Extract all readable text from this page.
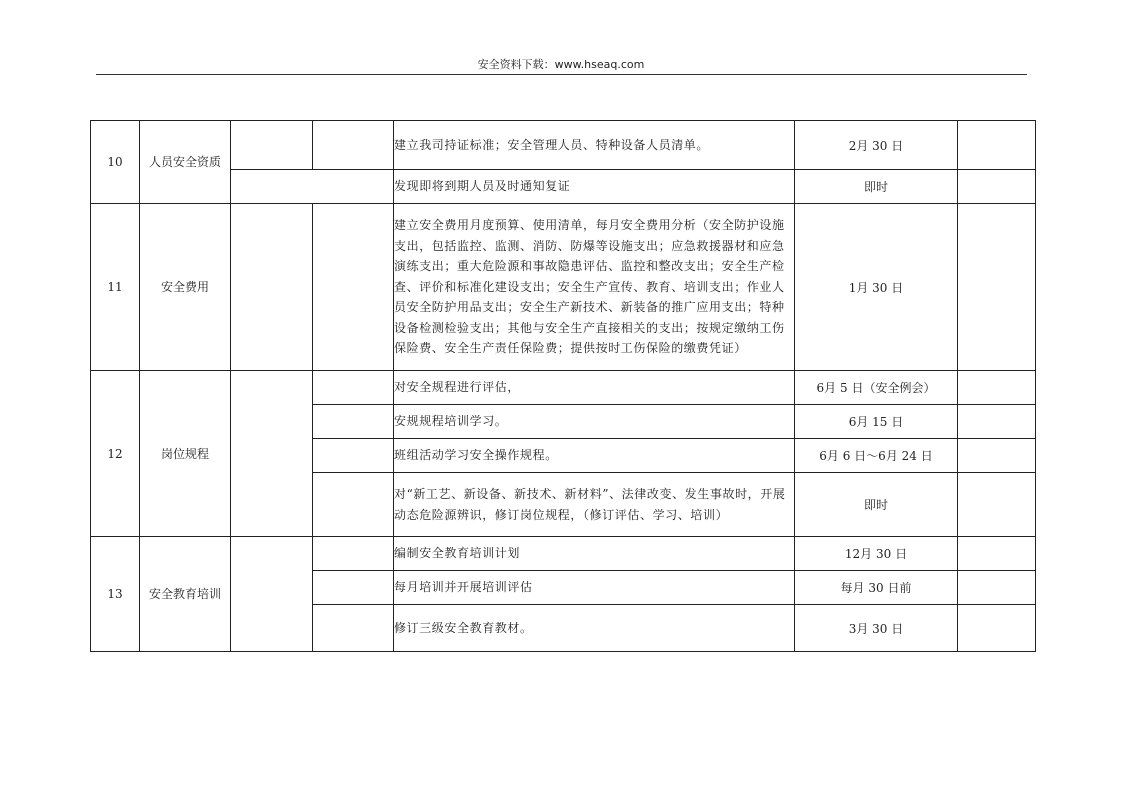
安全资料下载：www.hseaq.com
10	人员安全资质			建立我司持证标准；安全管理人员、特种设备人员清单。	2月 30 日	
				发现即将到期人员及时通知复证	即时	
11	安全费用			建立安全费用月度预算、使用清单，每月安全费用分析（安全防护设施支出，包括监控、监测、消防、防爆等设施支出；应急救援器材和应急演练支出；重大危险源和事故隐患评估、监控和整改支出；安全生产检查、评价和标准化建设支出；安全生产宣传、教育、培训支出；作业人员安全防护用品支出；安全生产新技术、新装备的推广应用支出；特种设备检测检验支出；其他与安全生产直接相关的支出；按规定缴纳工伤保险费、安全生产责任保险费；提供按时工伤保险的缴费凭证）	1月 30 日	
12	岗位规程			对安全规程进行评估，	6月 5 日（安全例会）	
				安规规程培训学习。	6月 15 日	
				班组活动学习安全操作规程。	6月 6 日～6月 24 日	
				对“新工艺、新设备、新技术、新材料”、法律改变、发生事故时，开展动态危险源辨识，修订岗位规程，（修订评估、学习、培训）	即时	
13	安全教育培训			编制安全教育培训计划	12月 30 日	
				每月培训并开展培训评估	每月 30 日前	
				修订三级安全教育教材。	3月 30 日	
